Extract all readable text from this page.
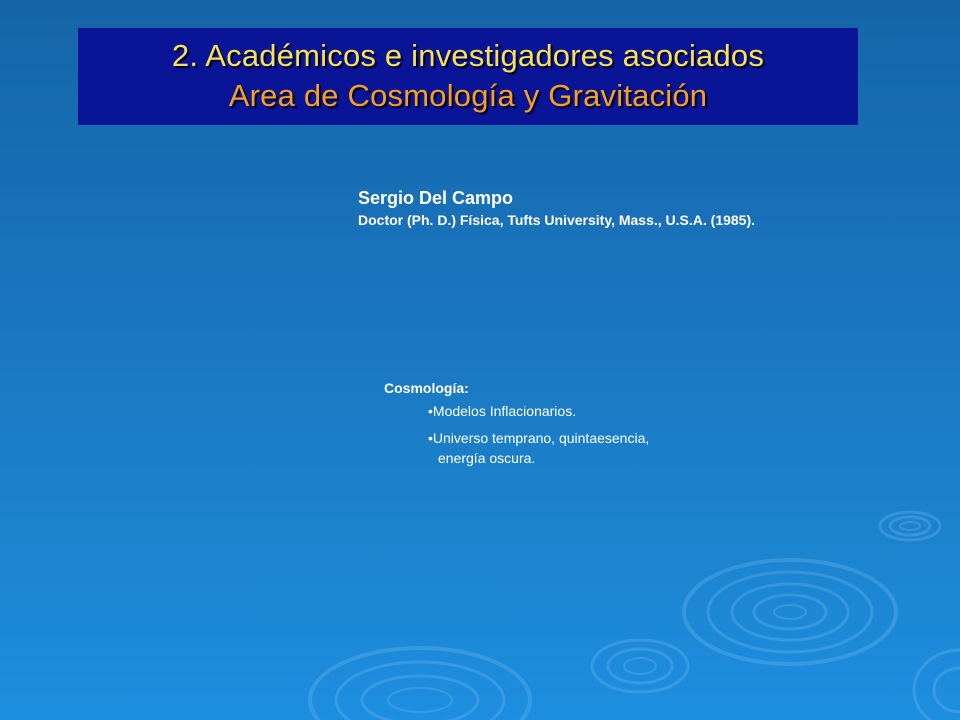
2. Académicos e investigadores asociados
Area de Cosmología y Gravitación
Sergio Del Campo
Doctor (Ph. D.) Física, Tufts University, Mass., U.S.A. (1985).
Cosmología:
•Modelos Inflacionarios.
•Universo temprano, quintaesencia,
energía oscura.
